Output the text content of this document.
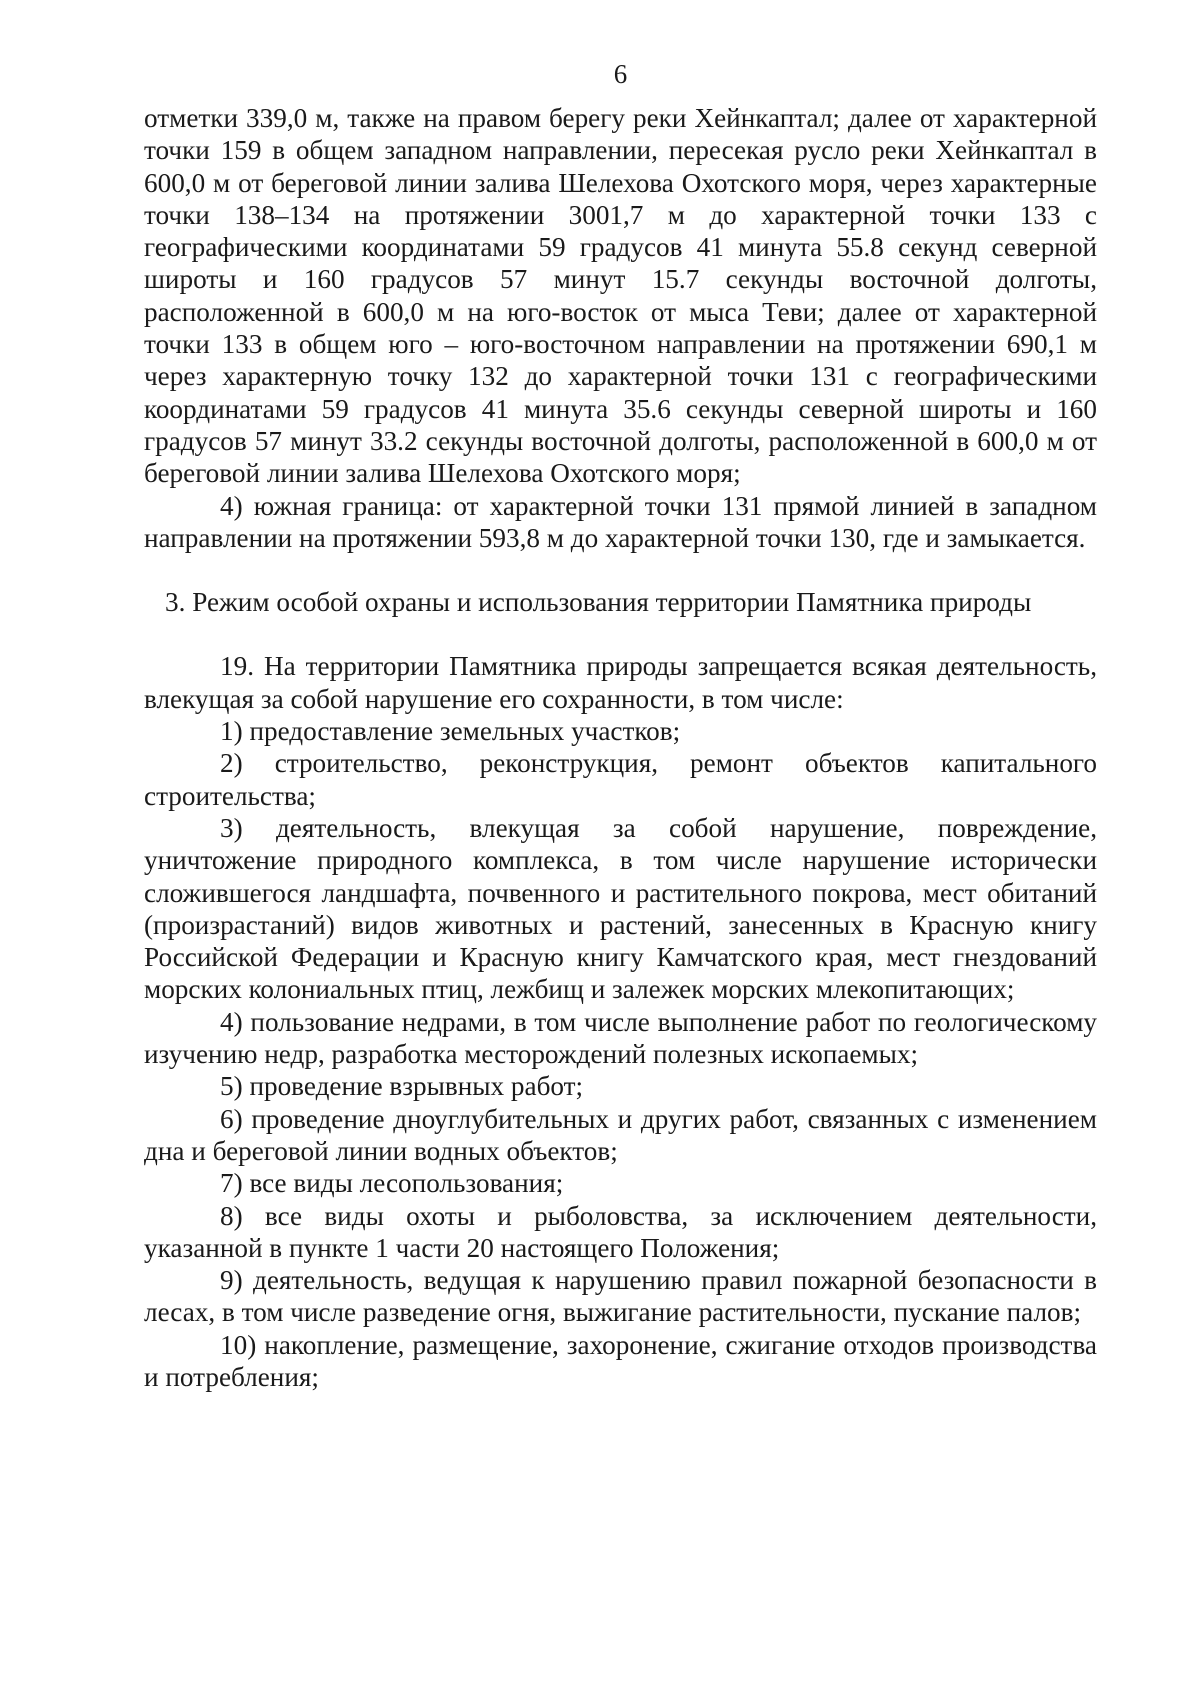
6

отметки 339,0 м, также на правом берегу реки Хейнкаптал; далее от характерной точки 159 в общем западном направлении, пересекая русло реки Хейнкаптал в 600,0 м от береговой линии залива Шелехова Охотского моря, через характерные точки 138–134 на протяжении 3001,7 м до характерной точки 133 с географическими координатами 59 градусов 41 минута 55.8 секунд северной широты и 160 градусов 57 минут 15.7 секунды восточной долготы, расположенной в 600,0 м на юго-восток от мыса Теви; далее от характерной точки 133 в общем юго – юго-восточном направлении на протяжении 690,1 м через характерную точку 132 до характерной точки 131 с географическими координатами 59 градусов 41 минута 35.6 секунды северной широты и 160 градусов 57 минут 33.2 секунды восточной долготы, расположенной в 600,0 м от береговой линии залива Шелехова Охотского моря;

4) южная граница: от характерной точки 131 прямой линией в западном направлении на протяжении 593,8 м до характерной точки 130, где и замыкается.

3. Режим особой охраны и использования территории Памятника природы

19. На территории Памятника природы запрещается всякая деятельность, влекущая за собой нарушение его сохранности, в том числе:

1) предоставление земельных участков;

2) строительство, реконструкция, ремонт объектов капитального строительства;

3) деятельность, влекущая за собой нарушение, повреждение, уничтожение природного комплекса, в том числе нарушение исторически сложившегося ландшафта, почвенного и растительного покрова, мест обитаний (произрастаний) видов животных и растений, занесенных в Красную книгу Российской Федерации и Красную книгу Камчатского края, мест гнездований морских колониальных птиц, лежбищ и залежек морских млекопитающих;

4) пользование недрами, в том числе выполнение работ по геологическому изучению недр, разработка месторождений полезных ископаемых;

5) проведение взрывных работ;

6) проведение дноуглубительных и других работ, связанных с изменением дна и береговой линии водных объектов;

7) все виды лесопользования;

8) все виды охоты и рыболовства, за исключением деятельности, указанной в пункте 1 части 20 настоящего Положения;

9) деятельность, ведущая к нарушению правил пожарной безопасности в лесах, в том числе разведение огня, выжигание растительности, пускание палов;

10) накопление, размещение, захоронение, сжигание отходов производства и потребления;
